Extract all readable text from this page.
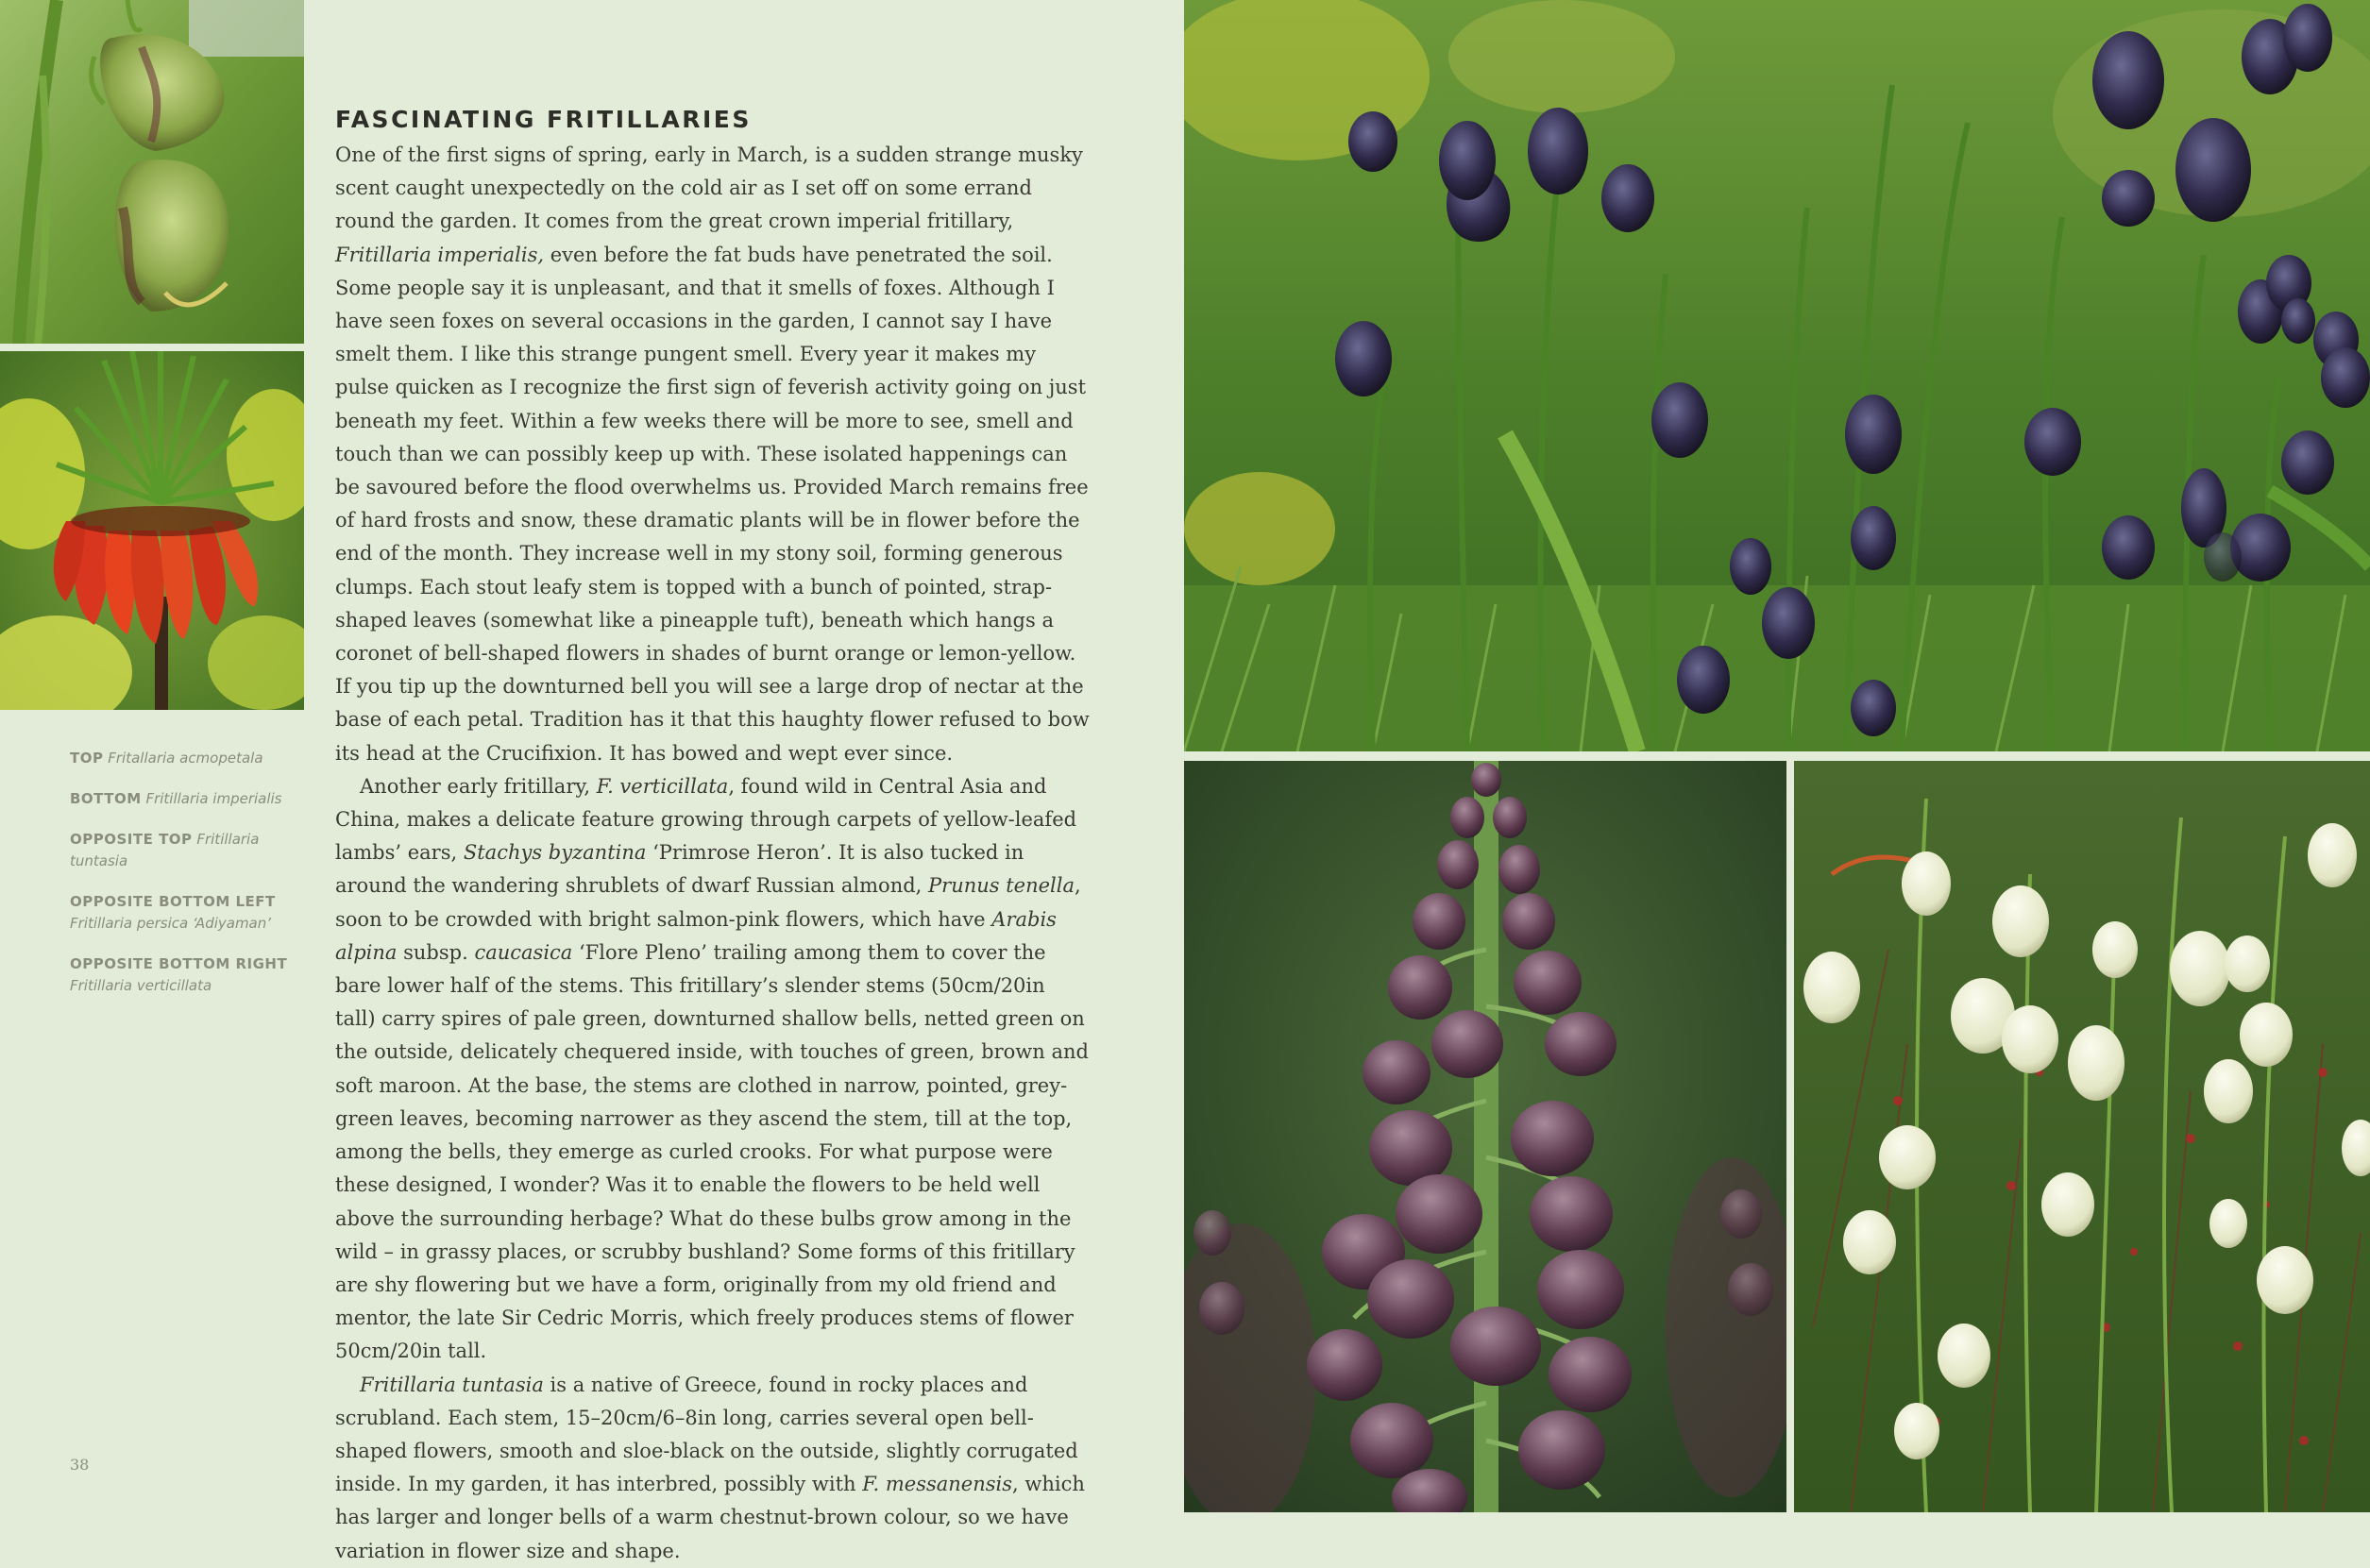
TOP Fritallaria acmopetala
BOTTOM Fritillaria imperialis
OPPOSITE TOP Fritillaria tuntasia
OPPOSITE BOTTOM LEFT
Fritillaria persica ‘Adiyaman’
OPPOSITE BOTTOM RIGHT
Fritillaria verticillata
FASCINATING FRITILLARIES

One of the first signs of spring, early in March, is a sudden strange musky scent caught unexpectedly on the cold air as I set off on some errand round the garden. It comes from the great crown imperial fritillary, Fritillaria imperialis, even before the fat buds have penetrated the soil. Some people say it is unpleasant, and that it smells of foxes. Although I have seen foxes on several occasions in the garden, I cannot say I have smelt them. I like this strange pungent smell. Every year it makes my pulse quicken as I recognize the first sign of feverish activity going on just beneath my feet. Within a few weeks there will be more to see, smell and touch than we can possibly keep up with. These isolated happenings can be savoured before the flood overwhelms us. Provided March remains free of hard frosts and snow, these dramatic plants will be in flower before the end of the month. They increase well in my stony soil, forming generous clumps. Each stout leafy stem is topped with a bunch of pointed, strap-shaped leaves (somewhat like a pineapple tuft), beneath which hangs a coronet of bell-shaped flowers in shades of burnt orange or lemon-yellow. If you tip up the downturned bell you will see a large drop of nectar at the base of each petal. Tradition has it that this haughty flower refused to bow its head at the Crucifixion. It has bowed and wept ever since.

Another early fritillary, F. verticillata, found wild in Central Asia and China, makes a delicate feature growing through carpets of yellow-leafed lambs’ ears, Stachys byzantina ‘Primrose Heron’. It is also tucked in around the wandering shrublets of dwarf Russian almond, Prunus tenella, soon to be crowded with bright salmon-pink flowers, which have Arabis alpina subsp. caucasica ‘Flore Pleno’ trailing among them to cover the bare lower half of the stems. This fritillary’s slender stems (50cm/20in tall) carry spires of pale green, downturned shallow bells, netted green on the outside, delicately chequered inside, with touches of green, brown and soft maroon. At the base, the stems are clothed in narrow, pointed, grey-green leaves, becoming narrower as they ascend the stem, till at the top, among the bells, they emerge as curled crooks. For what purpose were these designed, I wonder? Was it to enable the flowers to be held well above the surrounding herbage? What do these bulbs grow among in the wild – in grassy places, or scrubby bushland? Some forms of this fritillary are shy flowering but we have a form, originally from my old friend and mentor, the late Sir Cedric Morris, which freely produces stems of flower 50cm/20in tall.

Fritillaria tuntasia is a native of Greece, found in rocky places and scrubland. Each stem, 15–20cm/6–8in long, carries several open bell-shaped flowers, smooth and sloe-black on the outside, slightly corrugated inside. In my garden, it has interbred, possibly with F. messanensis, which has larger and longer bells of a warm chestnut-brown colour, so we have variation in flower size and shape.

38
